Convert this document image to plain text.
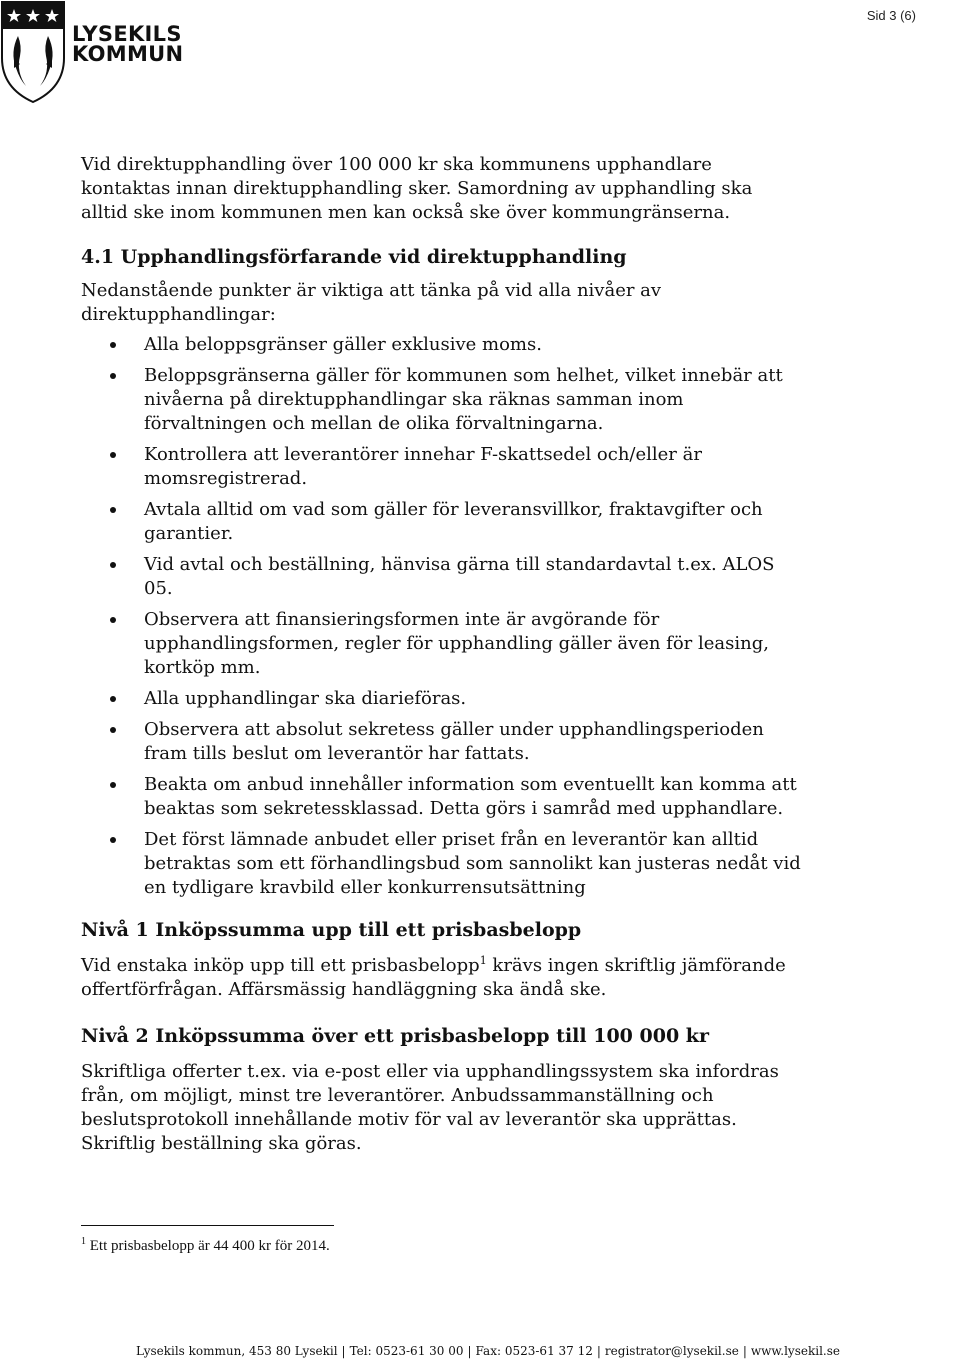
Sid 3 (6)
LYSEKILS
KOMMUN

Vid direktupphandling över 100 000 kr ska kommunens upphandlare kontaktas innan direktupphandling sker. Samordning av upphandling ska alltid ske inom kommunen men kan också ske över kommungränserna.

4.1 Upphandlingsförfarande vid direktupphandling

Nedanstående punkter är viktiga att tänka på vid alla nivåer av direktupphandlingar:

Alla beloppsgränser gäller exklusive moms.
Beloppsgränserna gäller för kommunen som helhet, vilket innebär att nivåerna på direktupphandlingar ska räknas samman inom förvaltningen och mellan de olika förvaltningarna.
Kontrollera att leverantörer innehar F-skattsedel och/eller är momsregistrerad.
Avtala alltid om vad som gäller för leveransvillkor, fraktavgifter och garantier.
Vid avtal och beställning, hänvisa gärna till standardavtal t.ex. ALOS 05.
Observera att finansieringsformen inte är avgörande för upphandlingsformen, regler för upphandling gäller även för leasing, kortköp mm.
Alla upphandlingar ska diarieföras.
Observera att absolut sekretess gäller under upphandlingsperioden fram tills beslut om leverantör har fattats.
Beakta om anbud innehåller information som eventuellt kan komma att beaktas som sekretessklassad. Detta görs i samråd med upphandlare.
Det först lämnade anbudet eller priset från en leverantör kan alltid betraktas som ett förhandlingsbud som sannolikt kan justeras nedåt vid en tydligare kravbild eller konkurrensutsättning
Nivå 1 Inköpssumma upp till ett prisbasbelopp

Vid enstaka inköp upp till ett prisbasbelopp$^1$ krävs ingen skriftlig jämförande offertförfrågan. Affärsmässig handläggning ska ändå ske.

Nivå 2 Inköpssumma över ett prisbasbelopp till 100 000 kr

Skriftliga offerter t.ex. via e-post eller via upphandlingssystem ska infordras från, om möjligt, minst tre leverantörer. Anbudssammanställning och beslutsprotokoll innehållande motiv för val av leverantör ska upprättas. Skriftlig beställning ska göras.

$^1$ Ett prisbasbelopp är 44 400 kr för 2014.
Lysekils kommun, 453 80 Lysekil | Tel: 0523-61 30 00 | Fax: 0523-61 37 12 | registrator@lysekil.se | www.lysekil.se
